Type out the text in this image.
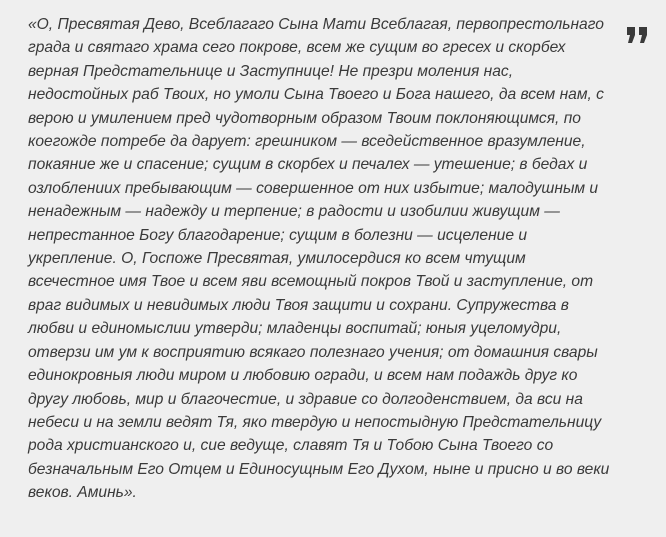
«О, Пресвятая Дево, Всеблагаго Сына Мати Всеблагая, первопрестольнаго
града и святаго храма сего покрове, всем же сущим во гресех и скорбех
верная Предстательнице и Заступнице! Не презри моления нас,
недостойных раб Твоих, но умоли Сына Твоего и Бога нашего, да всем нам, с
верою и умилением пред чудотворным образом Твоим поклоняющимся, по
коегожде потребе да дарует: грешником — вседейственное вразумление,
покаяние же и спасение; сущим в скорбех и печалех — утешение; в бедах и
озлоблениих пребывающим — совершенное от них избытие; малодушным и
ненадежным — надежду и терпение; в радости и изобилии живущим —
непрестанное Богу благодарение; сущим в болезни — исцеление и
укрепление. О, Госпоже Пресвятая, умилосердися ко всем чтущим
всечестное имя Твое и всем яви всемощный покров Твой и заступление, от
враг видимых и невидимых люди Твоя защити и сохрани. Супружества в
любви и единомыслии утверди; младенцы воспитай; юныя уцеломудри,
отверзи им ум к восприятию всякаго полезнаго учения; от домашния свары
единокровныя люди миром и любовию огради, и всем нам подаждь друг ко
другу любовь, мир и благочестие, и здравие со долгоденствием, да вси на
небеси и на земли ведят Тя, яко твердую и непостыдную Предстательницу
рода христианского и, сие ведуще, славят Тя и Тобою Сына Твоего со
безначальным Его Отцем и Единосущным Его Духом, ныне и присно и во веки
веков. Аминь».
